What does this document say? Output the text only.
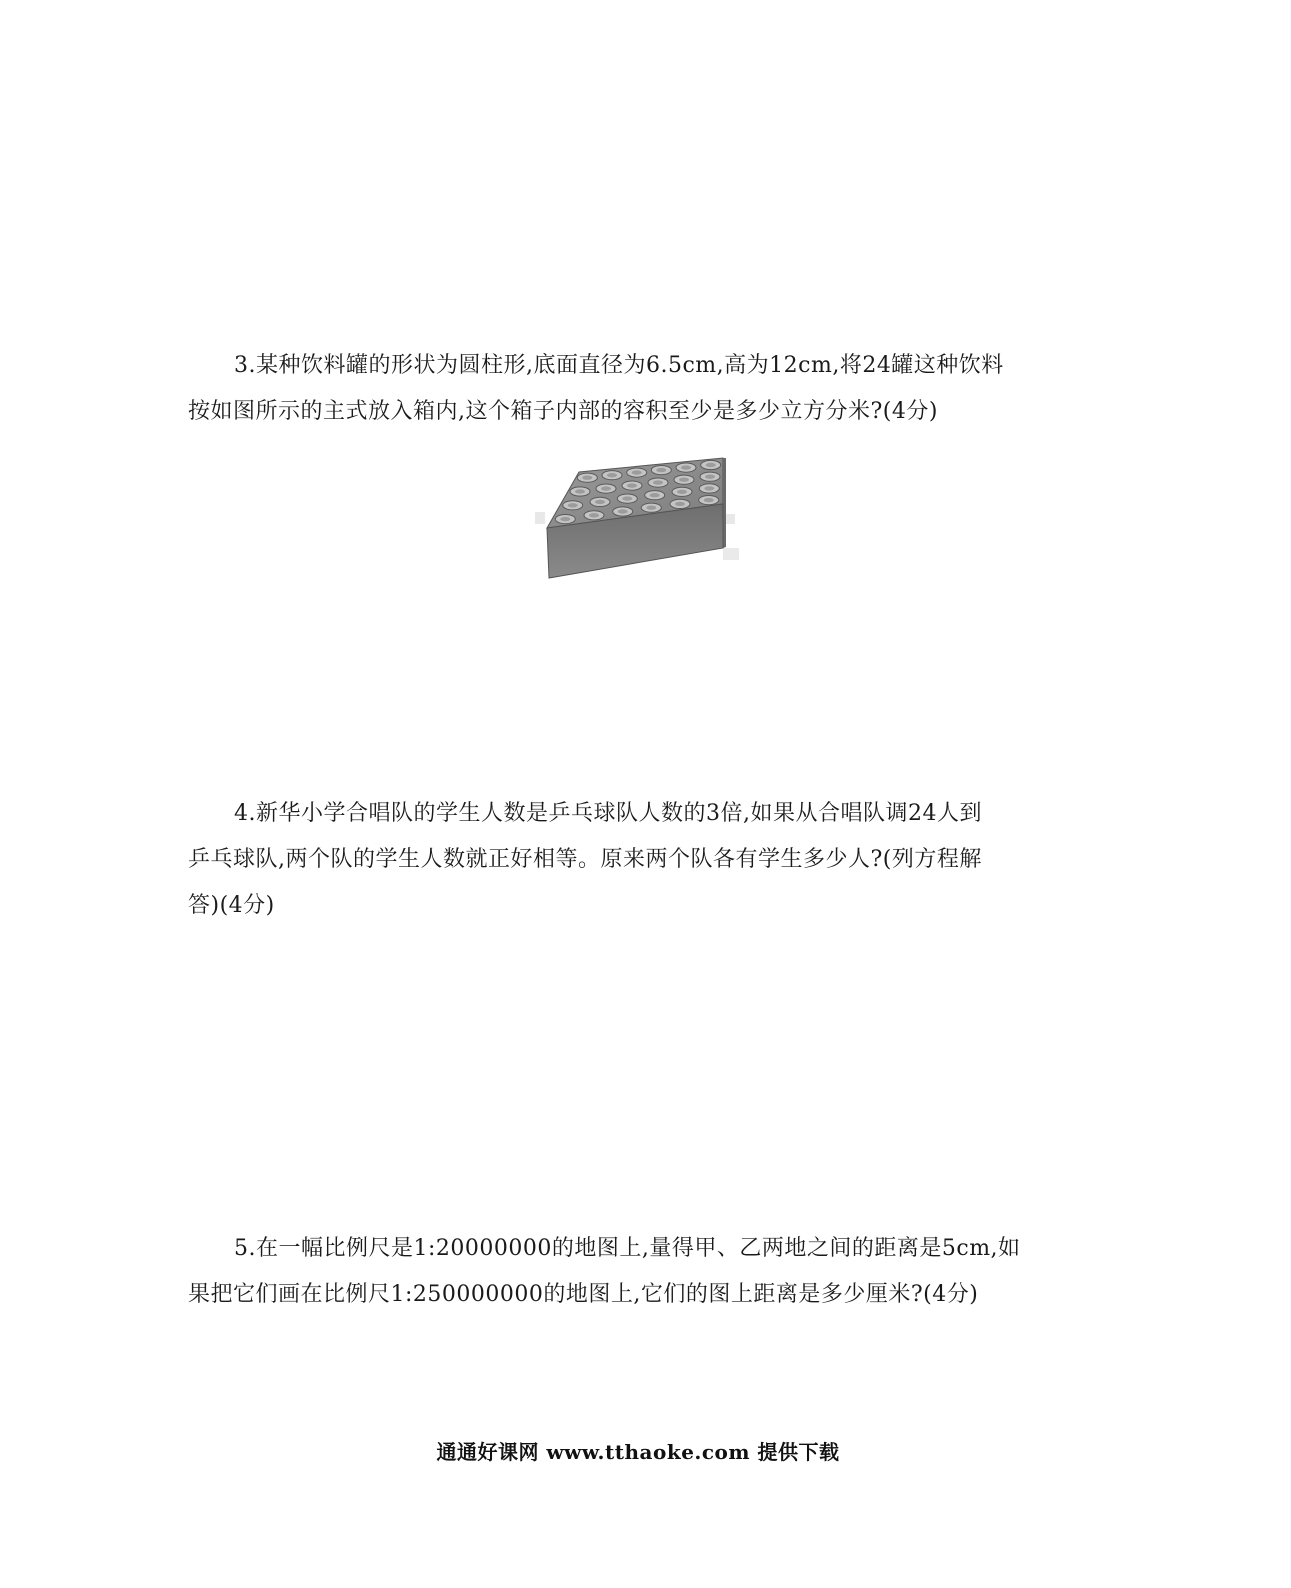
3.某种饮料罐的形状为圆柱形,底面直径为6.5cm,高为12cm,将24罐这种饮料
按如图所示的主式放入箱内,这个箱子内部的容积至少是多少立方分米?(4分)
4.新华小学合唱队的学生人数是乒乓球队人数的3倍,如果从合唱队调24人到
乒乓球队,两个队的学生人数就正好相等。原来两个队各有学生多少人?(列方程解
答)(4分)
5.在一幅比例尺是1:20000000的地图上,量得甲、乙两地之间的距离是5cm,如
果把它们画在比例尺1:250000000的地图上,它们的图上距离是多少厘米?(4分)
通通好课网 www.tthaoke.com 提供下载
